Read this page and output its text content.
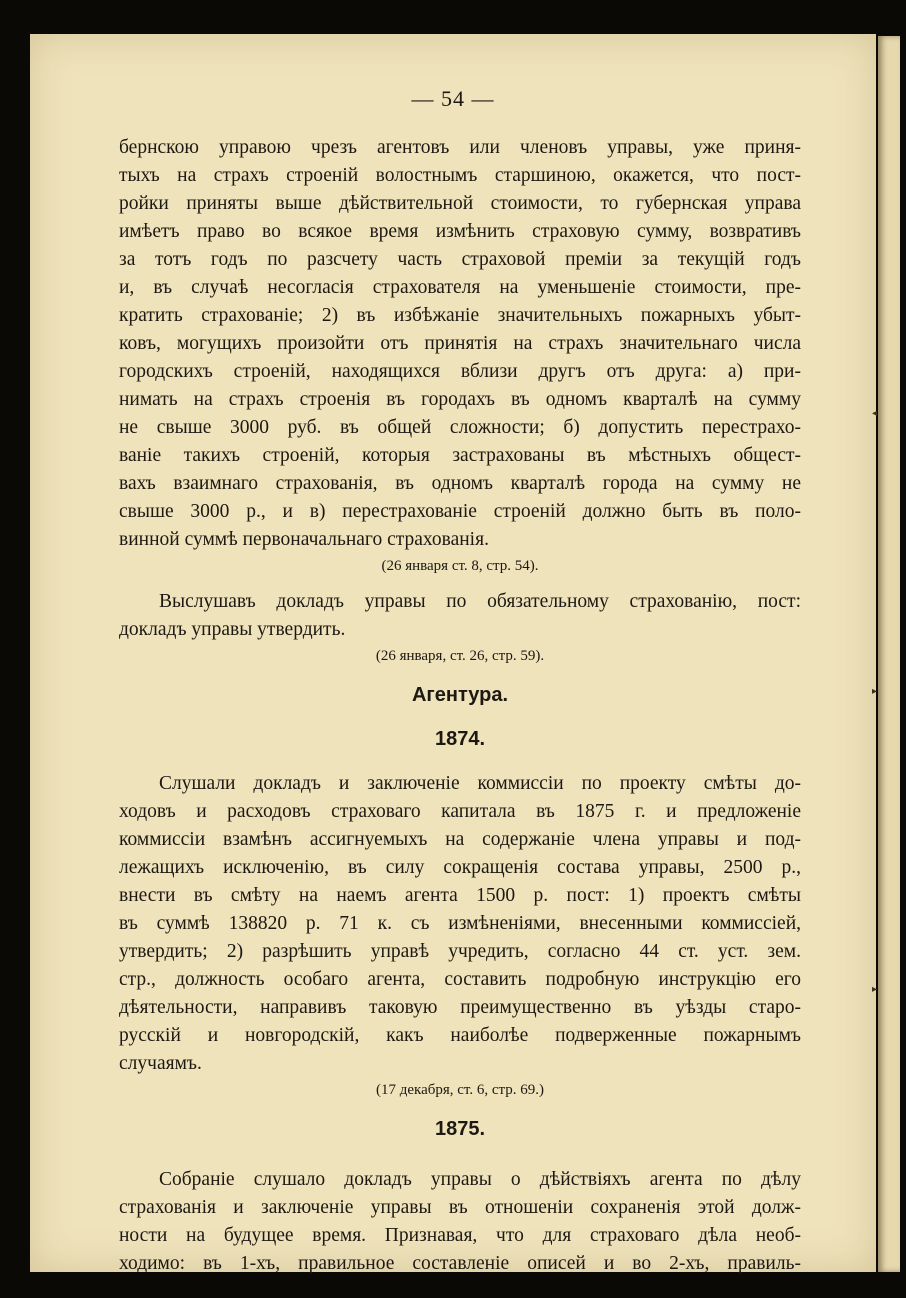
◂
▸
▸
— 54 —
бернскою управою чрезъ агентовъ или членовъ управы, уже приня-
тыхъ на страхъ строеній волостнымъ старшиною, окажется, что пост-
ройки приняты выше дѣйствительной стоимости, то губернская управа
имѣетъ право во всякое время измѣнить страховую сумму, возвративъ
за тотъ годъ по разсчету часть страховой преміи за текущій годъ
и, въ случаѣ несогласія страхователя на уменьшеніе стоимости, пре-
кратить страхованіе; 2) въ избѣжаніе значительныхъ пожарныхъ убыт-
ковъ, могущихъ произойти отъ принятія на страхъ значительнаго числа
городскихъ строеній, находящихся вблизи другъ отъ друга: а) при-
нимать на страхъ строенія въ городахъ въ одномъ кварталѣ на сумму
не свыше 3000 руб. въ общей сложности; б) допустить перестрахо-
ваніе такихъ строеній, которыя застрахованы въ мѣстныхъ общест-
вахъ взаимнаго страхованія, въ одномъ кварталѣ города на сумму не
свыше 3000 р., и в) перестрахованіе строеній должно быть въ поло-
винной суммѣ первоначальнаго страхованія.
(26 января ст. 8, стр. 54).
Выслушавъ докладъ управы по обязательному страхованію, пост:
докладъ управы утвердить.
(26 января, ст. 26, стр. 59).
Агентура.
1874.
Слушали докладъ и заключеніе коммиссіи по проекту смѣты до-
ходовъ и расходовъ страховаго капитала въ 1875 г. и предложеніе
коммиссіи взамѣнъ ассигнуемыхъ на содержаніе члена управы и под-
лежащихъ исключенію, въ силу сокращенія состава управы, 2500 р.,
внести въ смѣту на наемъ агента 1500 р. пост: 1) проектъ смѣты
въ суммѣ 138820 р. 71 к. съ измѣненіями, внесенными коммиссіей,
утвердить; 2) разрѣшить управѣ учредить, согласно 44 ст. уст. зем.
стр., должность особаго агента, составить подробную инструкцію его
дѣятельности, направивъ таковую преимущественно въ уѣзды старо-
русскій и новгородскій, какъ наиболѣе подверженные пожарнымъ
случаямъ.
(17 декабря, ст. 6, стр. 69.)
1875.
Собраніе слушало докладъ управы о дѣйствіяхъ агента по дѣлу
страхованія и заключеніе управы въ отношеніи сохраненія этой долж-
ности на будущее время. Признавая, что для страховаго дѣла необ-
ходимо: въ 1-хъ, правильное составленіе описей и во 2-хъ, правиль-
